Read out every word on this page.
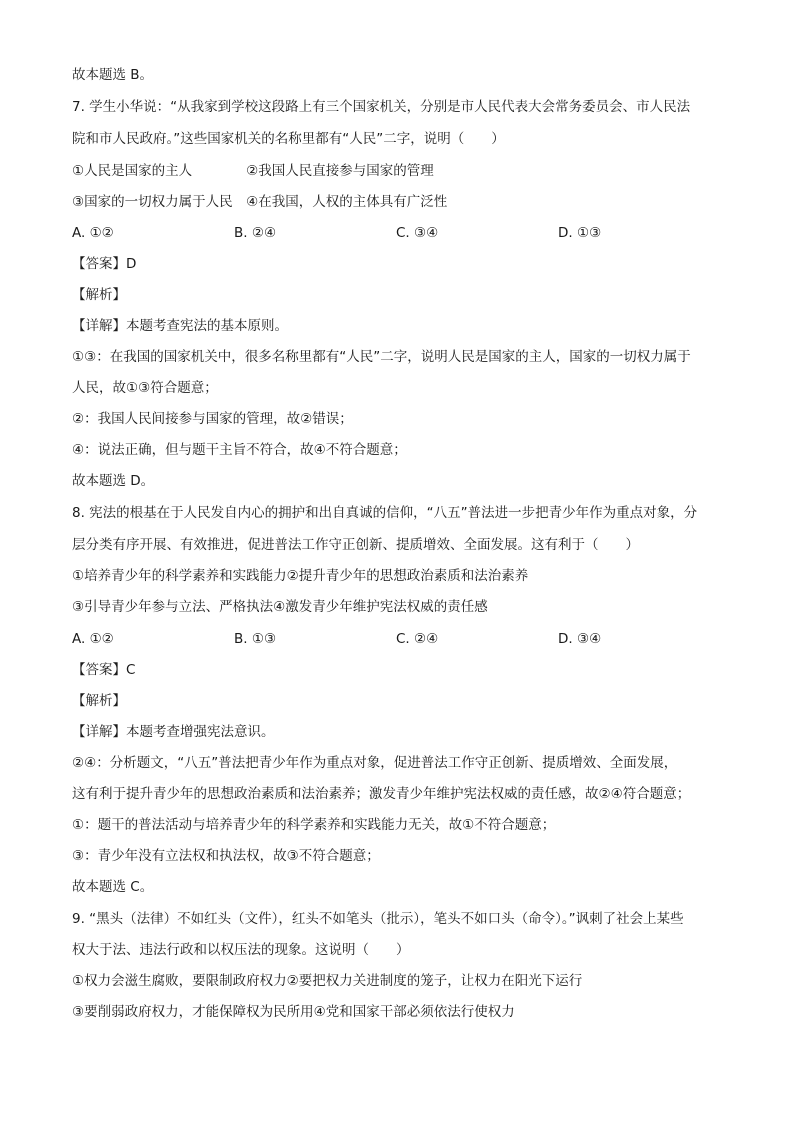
故本题选 B。
7. 学生小华说：“从我家到学校这段路上有三个国家机关，分别是市人民代表大会常务委员会、市人民法
院和市人民政府。”这些国家机关的名称里都有“人民”二字，说明（　　）
①人民是国家的主人　　　　②我国人民直接参与国家的管理
③国家的一切权力属于人民　④在我国，人权的主体具有广泛性
A. ①②	B. ②④	C. ③④	D. ①③
【答案】D
【解析】
【详解】本题考查宪法的基本原则。
①③：在我国的国家机关中，很多名称里都有“人民”二字，说明人民是国家的主人，国家的一切权力属于
人民，故①③符合题意；
②：我国人民间接参与国家的管理，故②错误；
④：说法正确，但与题干主旨不符合，故④不符合题意；
故本题选 D。
8. 宪法的根基在于人民发自内心的拥护和出自真诚的信仰，“八五”普法进一步把青少年作为重点对象，分
层分类有序开展、有效推进，促进普法工作守正创新、提质增效、全面发展。这有利于（　　）
①培养青少年的科学素养和实践能力②提升青少年的思想政治素质和法治素养
③引导青少年参与立法、严格执法④激发青少年维护宪法权威的责任感
A. ①②	B. ①③	C. ②④	D. ③④
【答案】C
【解析】
【详解】本题考查增强宪法意识。
②④：分析题文，“八五”普法把青少年作为重点对象，促进普法工作守正创新、提质增效、全面发展，
这有利于提升青少年的思想政治素质和法治素养；激发青少年维护宪法权威的责任感，故②④符合题意；
①：题干的普法活动与培养青少年的科学素养和实践能力无关，故①不符合题意；
③：青少年没有立法权和执法权，故③不符合题意；
故本题选 C。
9. “黑头（法律）不如红头（文件），红头不如笔头（批示），笔头不如口头（命令）。”讽刺了社会上某些
权大于法、违法行政和以权压法的现象。这说明（　　）
①权力会滋生腐败，要限制政府权力②要把权力关进制度的笼子，让权力在阳光下运行
③要削弱政府权力，才能保障权为民所用④党和国家干部必须依法行使权力
